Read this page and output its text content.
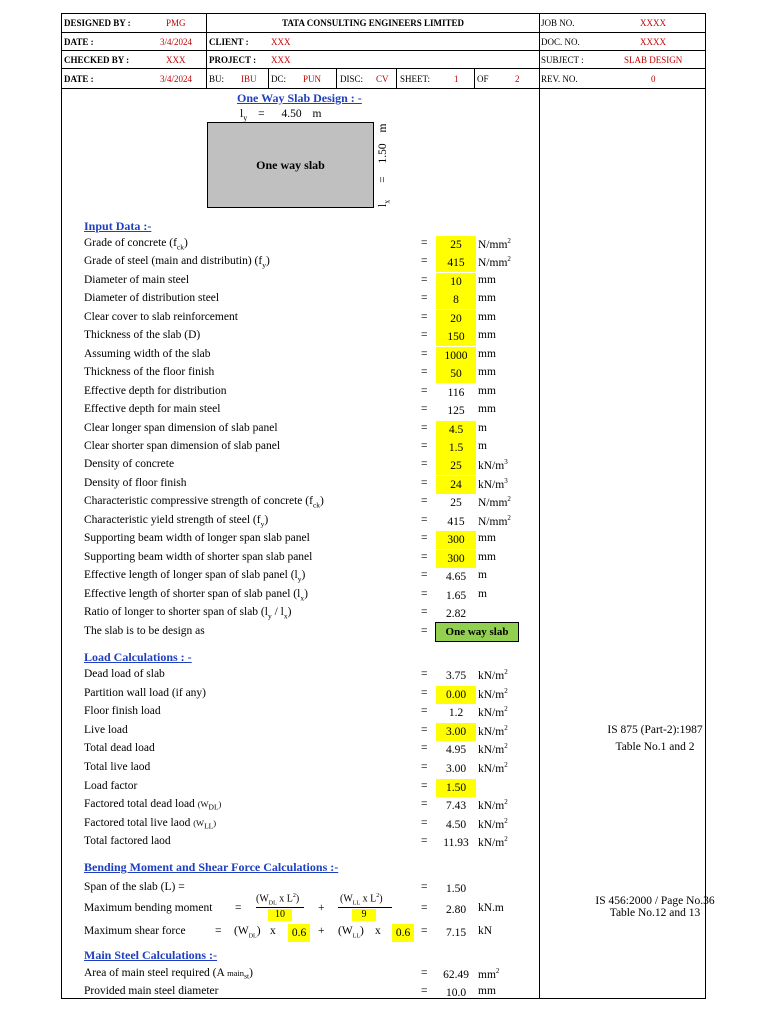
DESIGNED BY :	PMG	TATA CONSULTING ENGINEERS LIMITED	JOB NO.	XXXX
DATE :	3/4/2024 CLIENT : XXX	DOC. NO.	XXXX
CHECKED BY :	XXX	PROJECT : XXX	SUBJECT :	SLAB DESIGN
DATE :	3/4/2024 BU: IBU DC: PUN DISC: CV SHEET:	1 OF	2 REV. NO.	0
One Way Slab Design : -
$l_y = 4.50$ m
One way slab
$l_x = 1.50$ m
Input Data :-
Load Calculations : -
Bending Moment and Shear Force Calculations :-
Main Steel Calculations :-
Grade of concrete $(f_{ck})$	=	25	$N/mm^2$
Grade of steel (main and distributin) $(f_y)$	=	415	$N/mm^2$
Diameter of main steel	=	10	mm
Diameter of distribution steel	=	8	mm
Clear cover to slab reinforcement	=	20	mm
Thickness of the slab (D)	=	150	mm
Assuming width of the slab	=	1000 mm
Thickness of the floor finish	=	50	mm
Effective depth for distribution	=	116	mm
Effective depth for main steel	=	125	mm
Clear longer span dimension of slab panel	=	4.5	m
Clear shorter span dimension of slab panel	=	1.5	m
Density of concrete	=	25	$kN/m^3$
Density of floor finish	=	24	$kN/m^3$
Characteristic compressive strength of concrete $(f_{ck})$	=	25	$N/mm^2$
Characteristic yield strength of steel $(f_y)$	=	415	$N/mm^2$
Supporting beam width of longer span slab panel	=	300	mm
Supporting beam width of shorter span slab panel	=	300	mm
Effective length of longer span of slab panel $(l_y)$	=	4.65	m
Effective length of shorter span of slab panel $(l_x)$	=	1.65	m
Ratio of longer to shorter span of slab $(l_y / l_x)$	=	2.82
The slab is to be design as	=	One way slab
Dead load of slab	=	3.75	$kN/m^2$
Partition wall load (if any)	=	0.00	$kN/m^2$
Floor finish load	=	1.2	$kN/m^2$
Live load	=	3.00	$kN/m^2$
Total dead load	=	4.95	$kN/m^2$
Total live laod	=	3.00	$kN/m^2$
Load factor	=	1.50
Factored total dead load $(W_{DL})$	=	7.43	$kN/m^2$
Factored total live laod $(W_{LL})$	=	4.50	$kN/m^2$
Total factored laod	=	11.93 $kN/m^2$
IS 875 (Part-2):1987
Table No.1 and 2
Span of the slab (L) =	=	1.50
Maximum bending moment =
($W_{DL}$ x $L^2$)
10
+
($W_{LL}$ x $L^2$)
9
=	2.80	kN.m
Maximum shear force	= $(W_{DL})$ x	0.6	+ $(W_{LL})$ x	0.6 =	7.15	kN
IS 456:2000 / Page No.36
Table No.12 and 13
Area of main steel required (A main$_{st}$)	=	62.49 $mm^2$
Provided main steel diameter	=	10.0	mm
